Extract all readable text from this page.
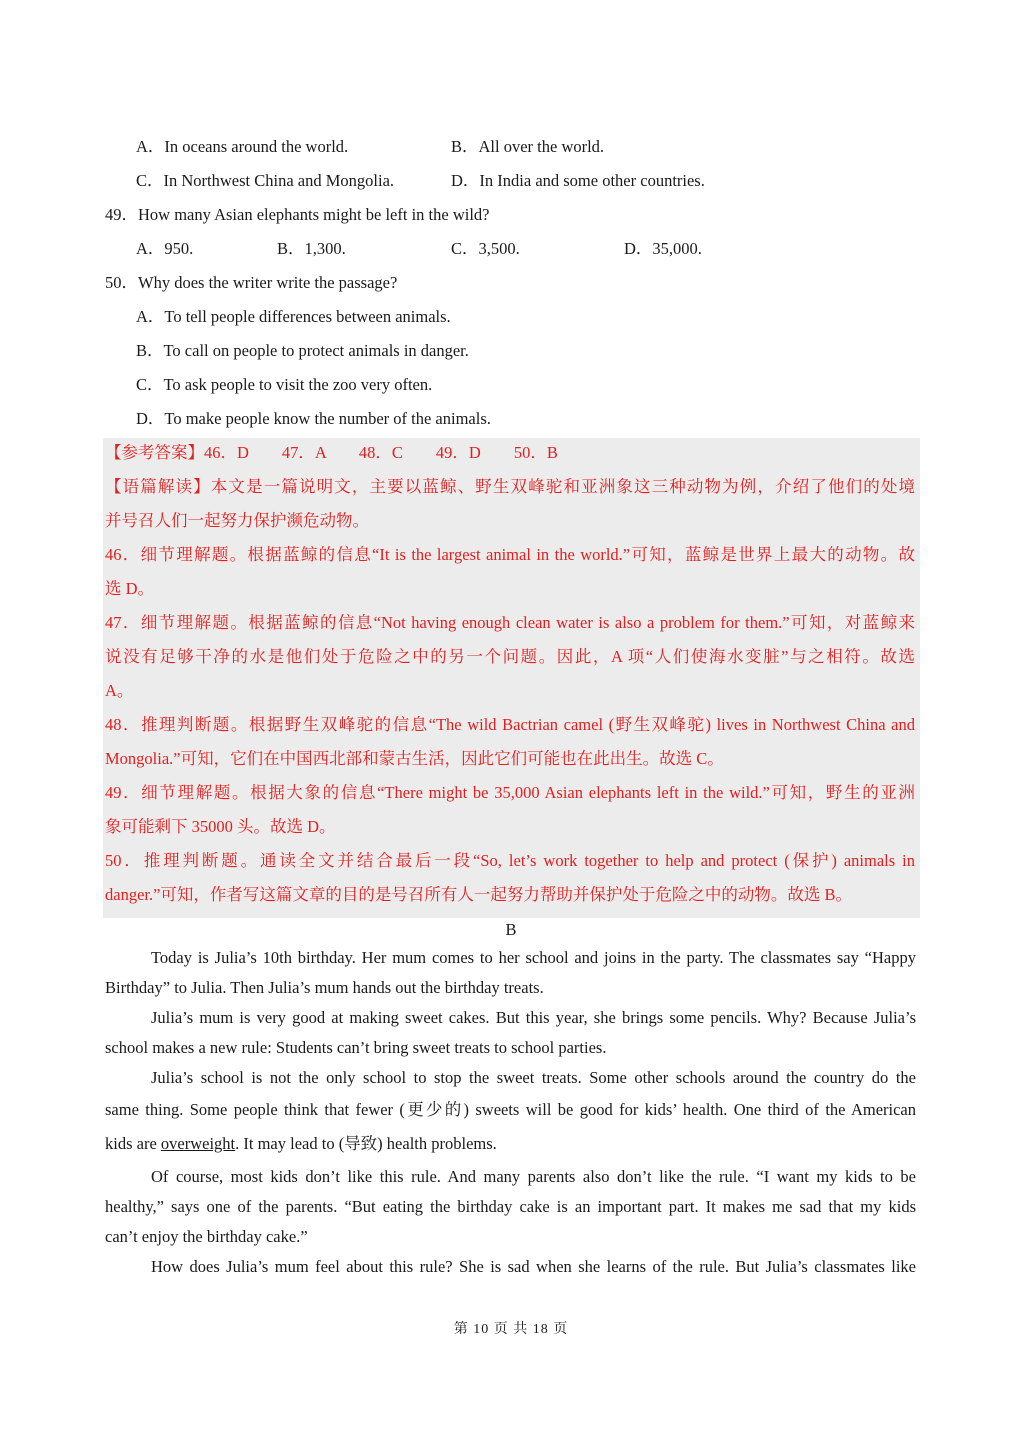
A．In oceans around the world.	B．All over the world.
C．In Northwest China and Mongolia.	D．In India and some other countries.
49．How many Asian elephants might be left in the wild?
A．950.	B．1,300.	C．3,500.	D．35,000.
50．Why does the writer write the passage?
A．To tell people differences between animals.
B．To call on people to protect animals in danger.
C．To ask people to visit the zoo very often.
D．To make people know the number of the animals.
【参考答案】46．D　　47．A　　48．C　　49．D　　50．B
【语篇解读】本文是一篇说明文，主要以蓝鲸、野生双峰驼和亚洲象这三种动物为例，介绍了他们的处境
并号召人们一起努力保护濒危动物。
46．细节理解题。根据蓝鲸的信息“It is the largest animal in the world.”可知，蓝鲸是世界上最大的动物。故
选 D。
47．细节理解题。根据蓝鲸的信息“Not having enough clean water is also a problem for them.”可知，对蓝鲸来
说没有足够干净的水是他们处于危险之中的另一个问题。因此，A 项“人们使海水变脏”与之相符。故选
A。
48．推理判断题。根据野生双峰驼的信息“The wild Bactrian camel (野生双峰驼) lives in Northwest China and
Mongolia.”可知，它们在中国西北部和蒙古生活，因此它们可能也在此出生。故选 C。
49．细节理解题。根据大象的信息“There might be 35,000 Asian elephants left in the wild.”可知，野生的亚洲
象可能剩下 35000 头。故选 D。
50．推理判断题。通读全文并结合最后一段“So, let’s work together to help and protect (保护) animals in
danger.”可知，作者写这篇文章的目的是号召所有人一起努力帮助并保护处于危险之中的动物。故选 B。
B
Today is Julia’s 10th birthday. Her mum comes to her school and joins in the party. The classmates say “Happy
Birthday” to Julia. Then Julia’s mum hands out the birthday treats.
Julia’s mum is very good at making sweet cakes. But this year, she brings some pencils. Why? Because Julia’s
school makes a new rule: Students can’t bring sweet treats to school parties.
Julia’s school is not the only school to stop the sweet treats. Some other schools around the country do the
same thing. Some people think that fewer (更少的) sweets will be good for kids’ health. One third of the American
kids are overweight. It may lead to (导致) health problems.
Of course, most kids don’t like this rule. And many parents also don’t like the rule. “I want my kids to be
healthy,” says one of the parents. “But eating the birthday cake is an important part. It makes me sad that my kids
can’t enjoy the birthday cake.”
How does Julia’s mum feel about this rule? She is sad when she learns of the rule. But Julia’s classmates like
第 10 页 共 18 页
